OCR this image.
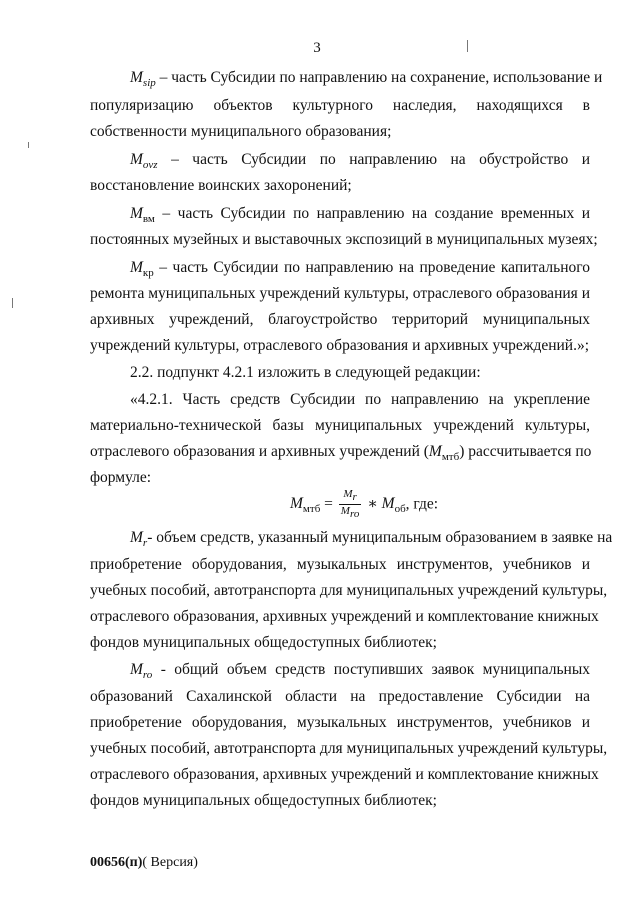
3
$M_{sip}$ – часть Субсидии по направлению на сохранение, использование и
популяризацию объектов культурного наследия, находящихся в
собственности муниципального образования;
$M_{ovz}$ – часть Субсидии по направлению на обустройство и
восстановление воинских захоронений;
$M_{вм}$ – часть Субсидии по направлению на создание временных и
постоянных музейных и выставочных экспозиций в муниципальных музеях;
$M_{кр}$ – часть Субсидии по направлению на проведение капитального
ремонта муниципальных учреждений культуры, отраслевого образования и
архивных учреждений, благоустройство территорий муниципальных
учреждений культуры, отраслевого образования и архивных учреждений.»;
2.2. подпункт 4.2.1 изложить в следующей редакции:
«4.2.1. Часть средств Субсидии по направлению на укрепление
материально-технической базы муниципальных учреждений культуры,
отраслевого образования и архивных учреждений $(M_{мтб})$ рассчитывается по
формуле:
$M_{мтб} = \frac{M_r}{M_{ro}}$ ∗ $M_{об}$, где:
$M_r-$ объем средств, указанный муниципальным образованием в заявке на
приобретение оборудования, музыкальных инструментов, учебников и
учебных пособий, автотранспорта для муниципальных учреждений культуры,
отраслевого образования, архивных учреждений и комплектование книжных
фондов муниципальных общедоступных библиотек;
$M_{ro}$ - общий объем средств поступивших заявок муниципальных
образований Сахалинской области на предоставление Субсидии на
приобретение оборудования, музыкальных инструментов, учебников и
учебных пособий, автотранспорта для муниципальных учреждений культуры,
отраслевого образования, архивных учреждений и комплектование книжных
фондов муниципальных общедоступных библиотек;
00656(п)( Версия)
